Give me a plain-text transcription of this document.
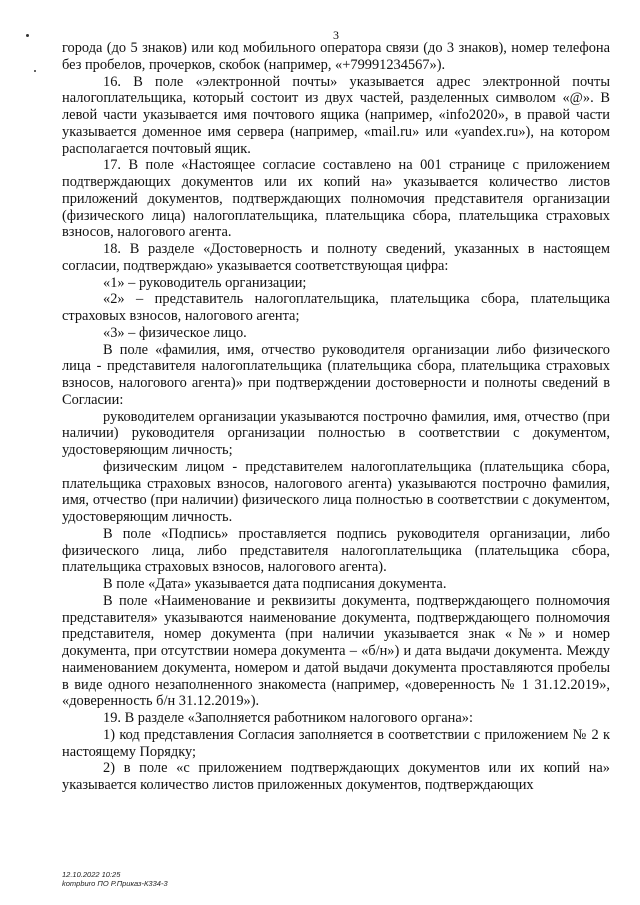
3

города (до 5 знаков) или код мобильного оператора связи (до 3 знаков), номер телефона без пробелов, прочерков, скобок (например, «+79991234567»).

16. В поле «электронной почты» указывается адрес электронной почты налогоплательщика, который состоит из двух частей, разделенных символом «@». В левой части указывается имя почтового ящика (например, «info2020», в правой части указывается доменное имя сервера (например, «mail.ru» или «yandex.ru»), на котором располагается почтовый ящик.

17. В поле «Настоящее согласие составлено на 001 странице с приложением подтверждающих документов или их копий на» указывается количество листов приложений документов, подтверждающих полномочия представителя организации (физического лица) налогоплательщика, плательщика сбора, плательщика страховых взносов, налогового агента.

18. В разделе «Достоверность и полноту сведений, указанных в настоящем согласии, подтверждаю» указывается соответствующая цифра:

«1» – руководитель организации;

«2» – представитель налогоплательщика, плательщика сбора, плательщика страховых взносов, налогового агента;

«3» – физическое лицо.

В поле «фамилия, имя, отчество руководителя организации либо физического лица - представителя налогоплательщика (плательщика сбора, плательщика страховых взносов, налогового агента)» при подтверждении достоверности и полноты сведений в Согласии:

руководителем организации указываются построчно фамилия, имя, отчество (при наличии) руководителя организации полностью в соответствии с документом, удостоверяющим личность;

физическим лицом - представителем налогоплательщика (плательщика сбора, плательщика страховых взносов, налогового агента) указываются построчно фамилия, имя, отчество (при наличии) физического лица полностью в соответствии с документом, удостоверяющим личность.

В поле «Подпись» проставляется подпись руководителя организации, либо физического лица, либо представителя налогоплательщика (плательщика сбора, плательщика страховых взносов, налогового агента).

В поле «Дата» указывается дата подписания документа.

В поле «Наименование и реквизиты документа, подтверждающего полномочия представителя» указываются наименование документа, подтверждающего полномочия представителя, номер документа (при наличии указывается знак «№» и номер документа, при отсутствии номера документа – «б/н») и дата выдачи документа. Между наименованием документа, номером и датой выдачи документа проставляются пробелы в виде одного незаполненного знакоместа (например, «доверенность № 1 31.12.2019», «доверенность б/н 31.12.2019»).

19. В разделе «Заполняется работником налогового органа»:

1) код представления Согласия заполняется в соответствии с приложением № 2 к настоящему Порядку;

2) в поле «с приложением подтверждающих документов или их копий на» указывается количество листов приложенных документов, подтверждающих

12.10.2022 10:25
kompburo ПО Р.Приказ-К334-3
